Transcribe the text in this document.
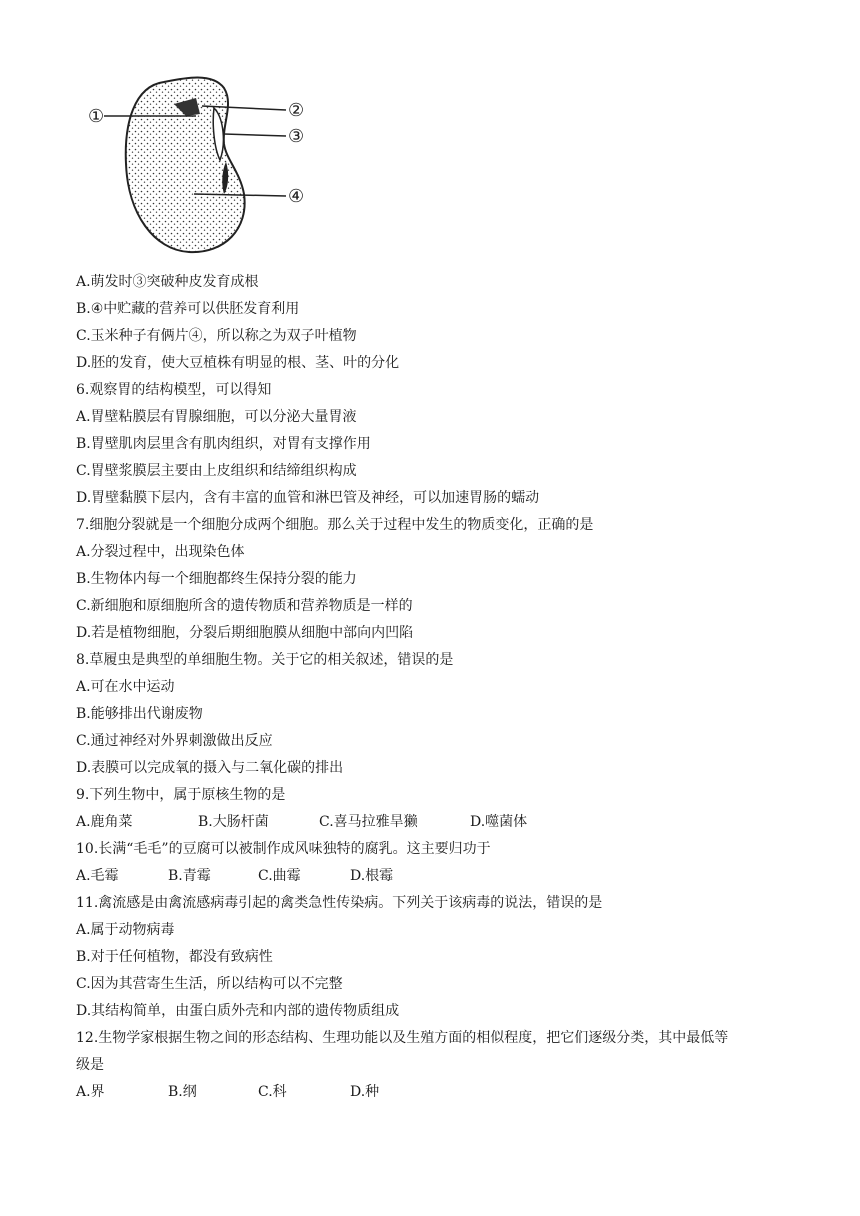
①	②
③
④
A.萌发时③突破种皮发育成根
B.④中贮藏的营养可以供胚发育利用
C.玉米种子有俩片④，所以称之为双子叶植物
D.胚的发育，使大豆植株有明显的根、茎、叶的分化
6.观察胃的结构模型，可以得知
A.胃壁粘膜层有胃腺细胞，可以分泌大量胃液
B.胃壁肌肉层里含有肌肉组织，对胃有支撑作用
C.胃壁浆膜层主要由上皮组织和结缔组织构成
D.胃壁黏膜下层内，含有丰富的血管和淋巴管及神经，可以加速胃肠的蠕动
7.细胞分裂就是一个细胞分成两个细胞。那么关于过程中发生的物质变化，正确的是
A.分裂过程中，出现染色体
B.生物体内每一个细胞都终生保持分裂的能力
C.新细胞和原细胞所含的遗传物质和营养物质是一样的
D.若是植物细胞，分裂后期细胞膜从细胞中部向内凹陷
8.草履虫是典型的单细胞生物。关于它的相关叙述，错误的是
A.可在水中运动
B.能够排出代谢废物
C.通过神经对外界刺激做出反应
D.表膜可以完成氧的摄入与二氧化碳的排出
9.下列生物中，属于原核生物的是

A.鹿角菜

	B.大肠杆菌

	C.喜马拉雅旱獭

	D.噬菌体

10.长满“毛毛”的豆腐可以被制作成风味独特的腐乳。这主要归功于

A.毛霉

	B.青霉

	C.曲霉

	D.根霉

11.禽流感是由禽流感病毒引起的禽类急性传染病。下列关于该病毒的说法，错误的是
A.属于动物病毒
B.对于任何植物，都没有致病性
C.因为其营寄生生活，所以结构可以不完整
D.其结构简单，由蛋白质外壳和内部的遗传物质组成
12.生物学家根据生物之间的形态结构、生理功能以及生殖方面的相似程度，把它们逐级分类，其中最低等
级是

A.界

	B.纲

	C.科

	D.种
